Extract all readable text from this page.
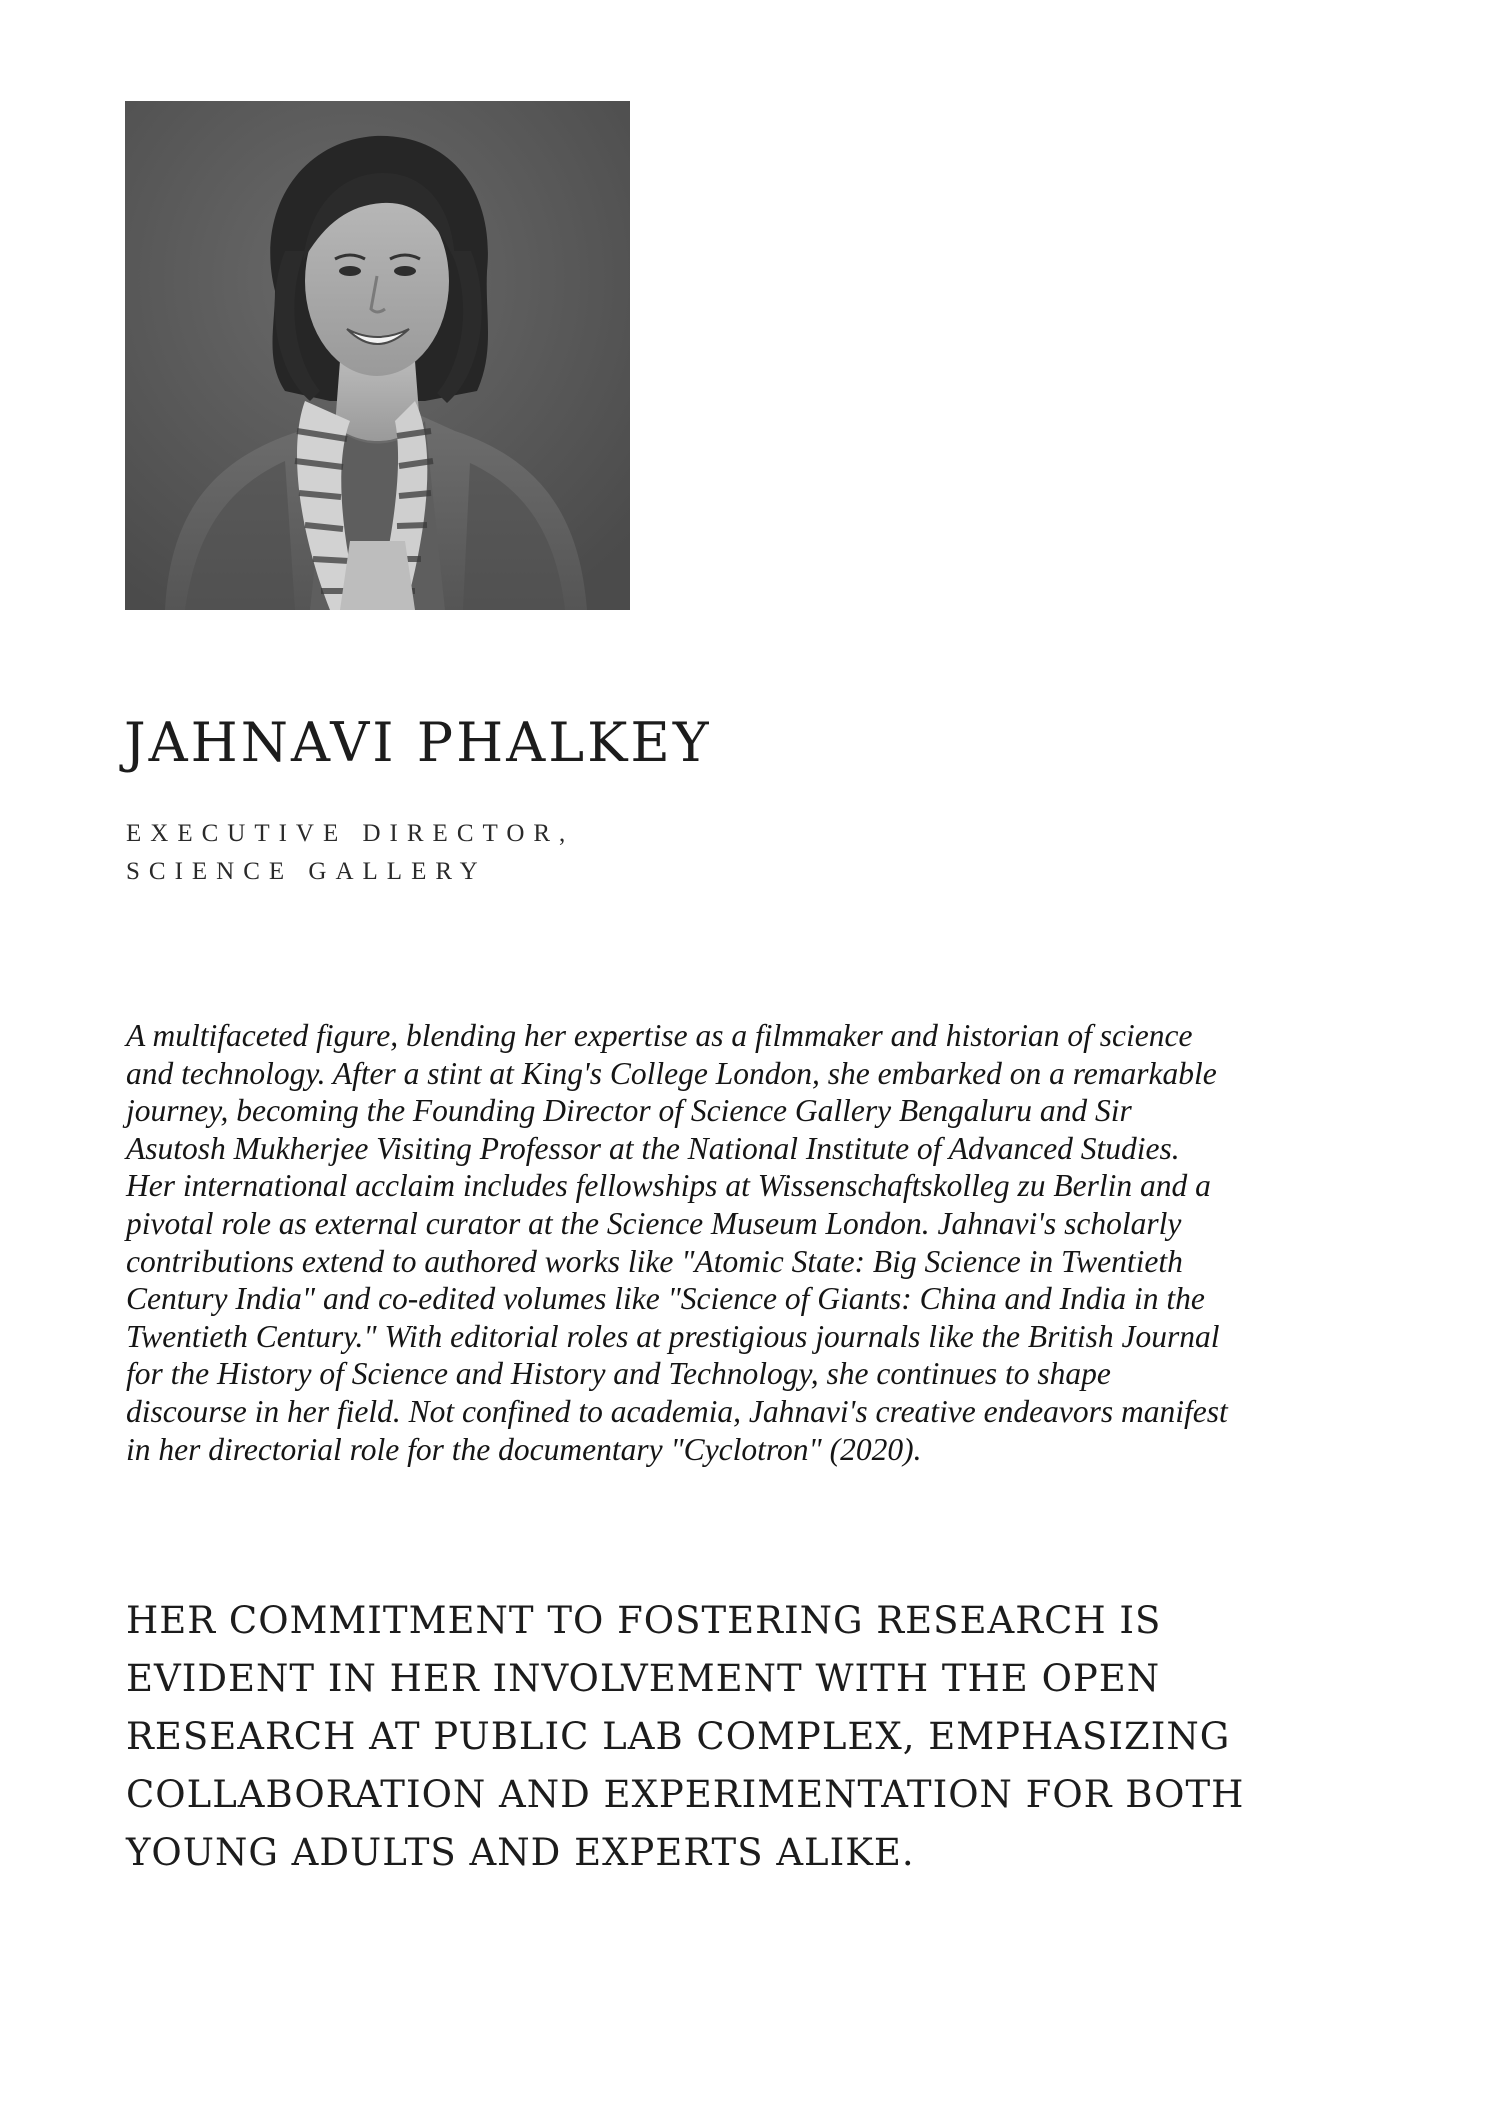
JAHNAVI PHALKEY
EXECUTIVE DIRECTOR,
SCIENCE GALLERY

A multifaceted figure, blending her expertise as a filmmaker and historian of science and technology. After a stint at King's College London, she embarked on a remarkable journey, becoming the Founding Director of Science Gallery Bengaluru and Sir Asutosh Mukherjee Visiting Professor at the National Institute of Advanced Studies. Her international acclaim includes fellowships at Wissenschaftskolleg zu Berlin and a pivotal role as external curator at the Science Museum London. Jahnavi's scholarly contributions extend to authored works like "Atomic State: Big Science in Twentieth Century India" and co-edited volumes like "Science of Giants: China and India in the Twentieth Century." With editorial roles at prestigious journals like the British Journal for the History of Science and History and Technology, she continues to shape discourse in her field. Not confined to academia, Jahnavi's creative endeavors manifest in her directorial role for the documentary "Cyclotron" (2020).

HER COMMITMENT TO FOSTERING RESEARCH IS EVIDENT IN HER INVOLVEMENT WITH THE OPEN RESEARCH AT PUBLIC LAB COMPLEX, EMPHASIZING COLLABORATION AND EXPERIMENTATION FOR BOTH YOUNG ADULTS AND EXPERTS ALIKE.
